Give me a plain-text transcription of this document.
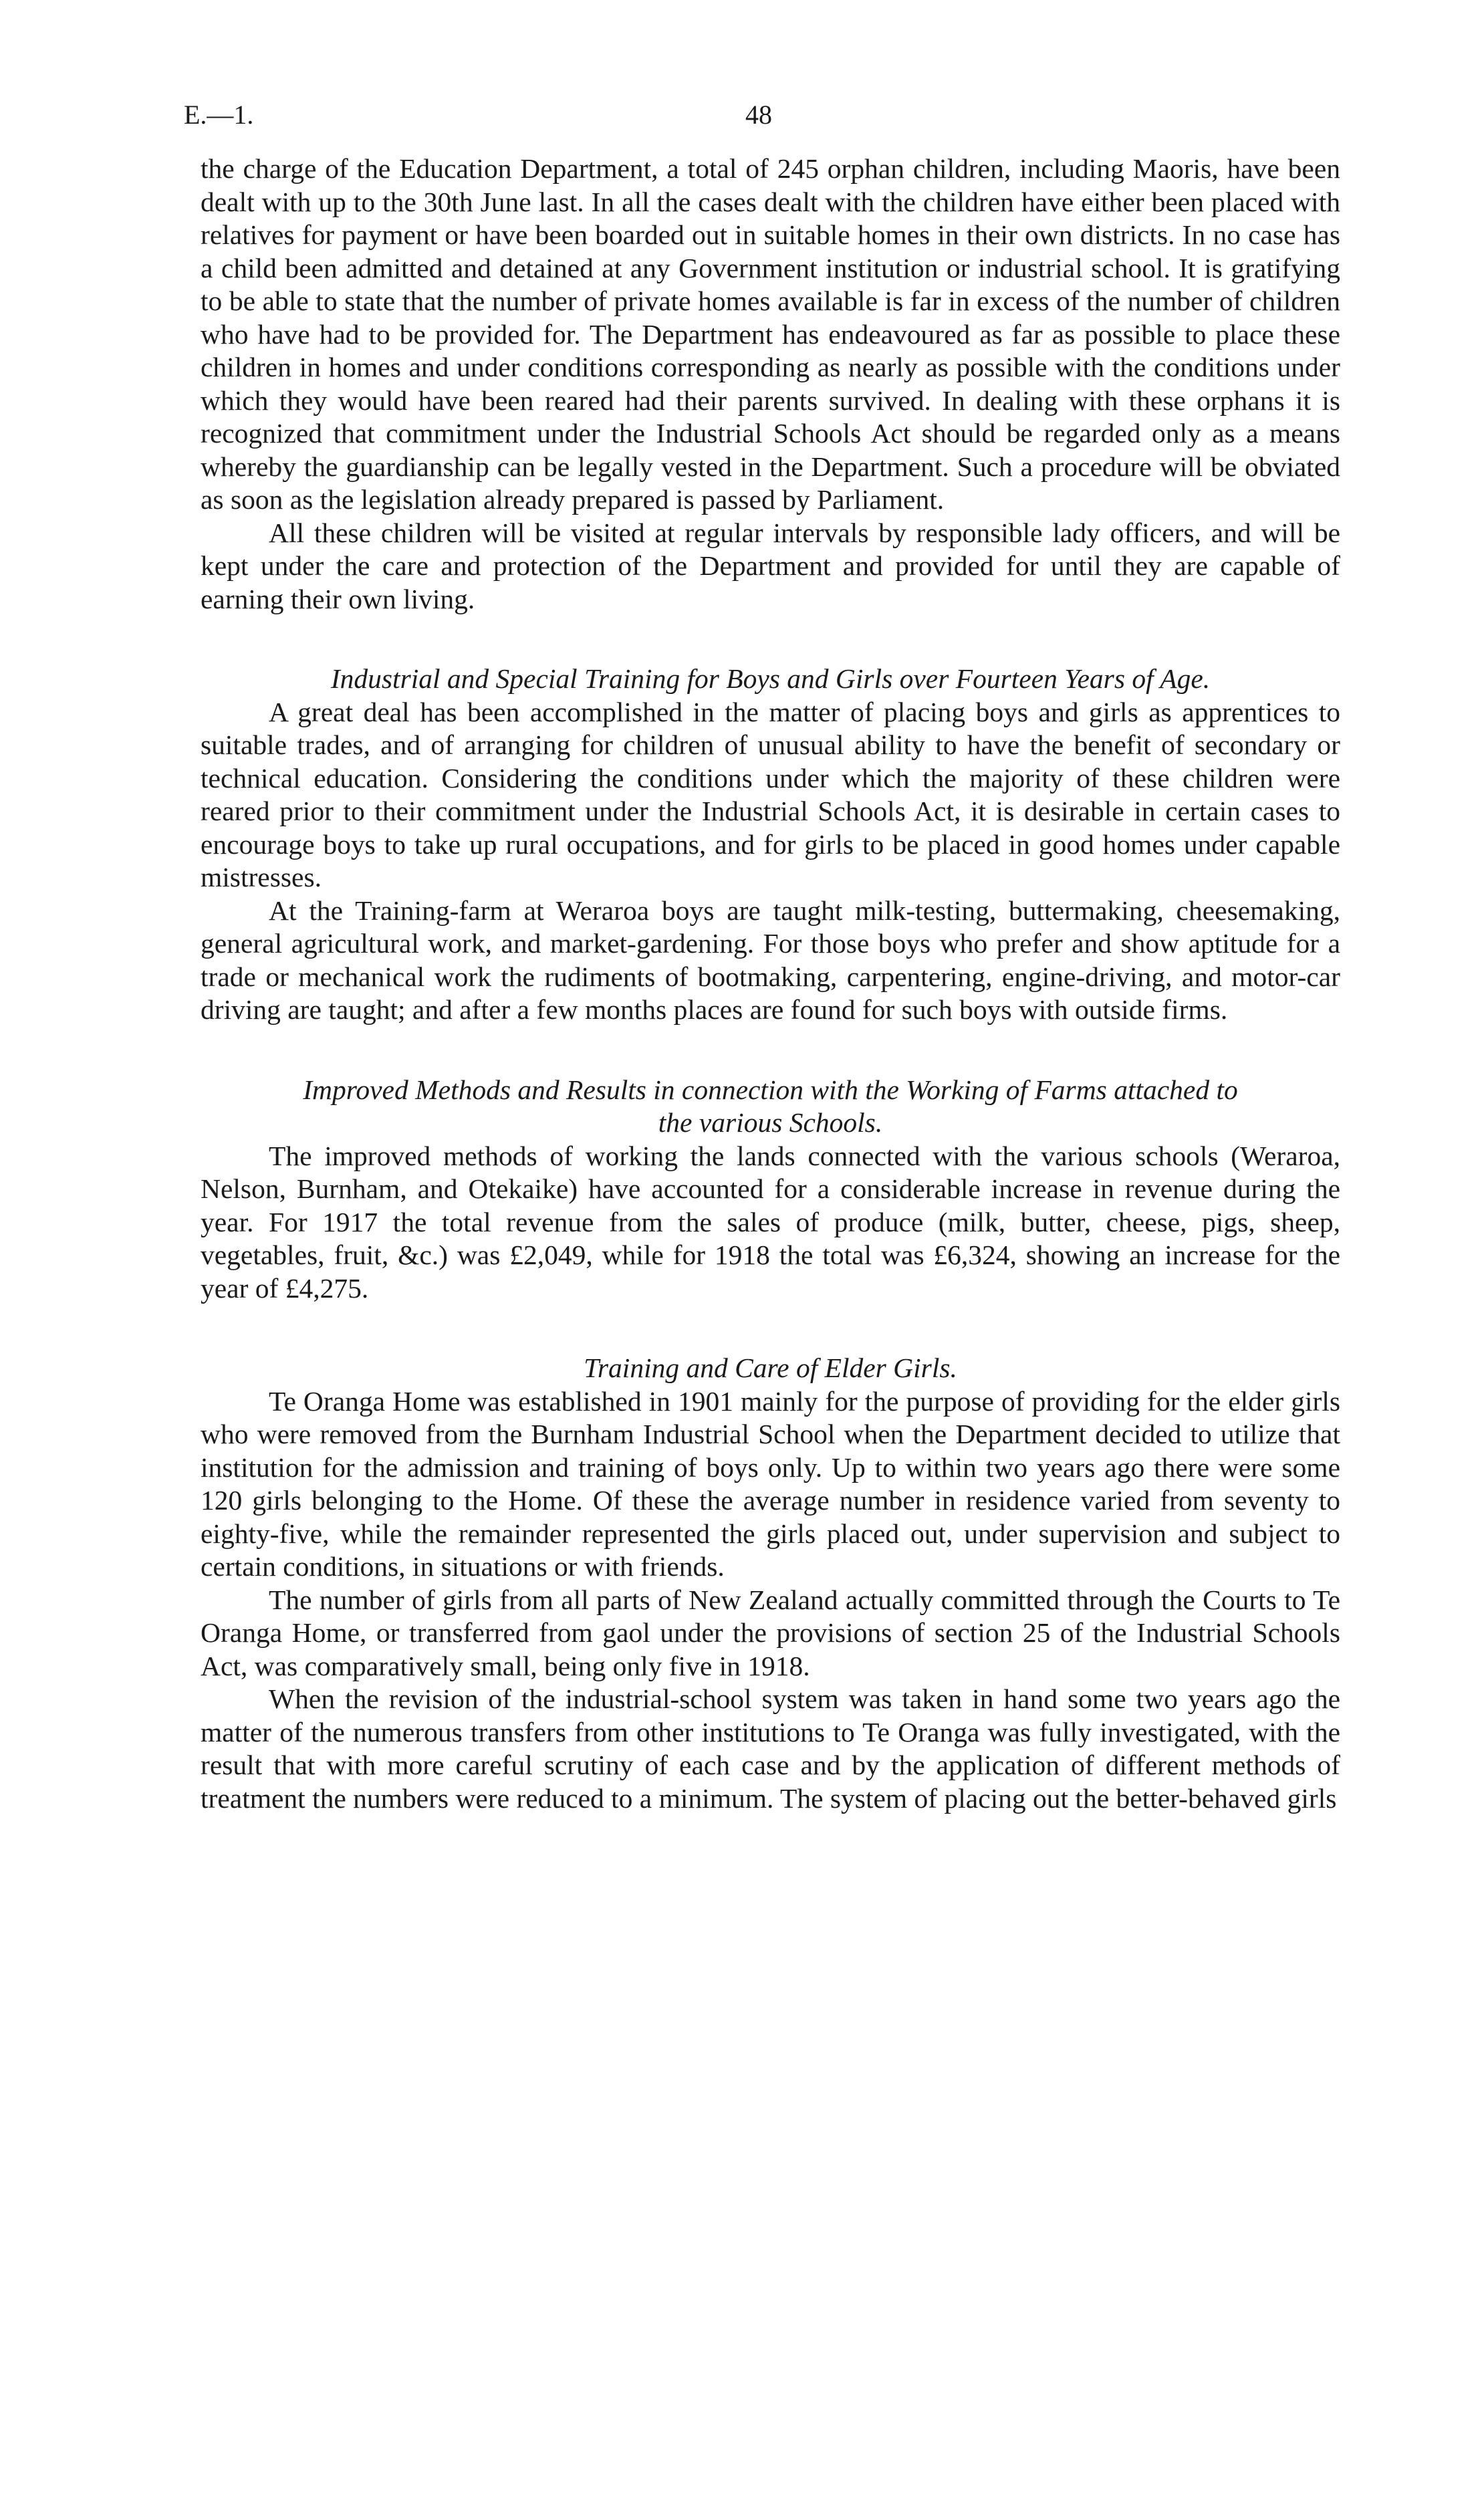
E.—1.	48

the charge of the Education Department, a total of 245 orphan children, including Maoris, have been dealt with up to the 30th June last. In all the cases dealt with the children have either been placed with relatives for payment or have been boarded out in suitable homes in their own districts. In no case has a child been admitted and detained at any Government institution or industrial school. It is gratifying to be able to state that the number of private homes available is far in excess of the number of children who have had to be provided for. The Department has endeavoured as far as possible to place these children in homes and under conditions corresponding as nearly as possible with the conditions under which they would have been reared had their parents survived. In dealing with these orphans it is recognized that commitment under the Industrial Schools Act should be regarded only as a means whereby the guardianship can be legally vested in the Department. Such a procedure will be obviated as soon as the legislation already prepared is passed by Parliament.

All these children will be visited at regular intervals by responsible lady officers, and will be kept under the care and protection of the Department and provided for until they are capable of earning their own living.

Industrial and Special Training for Boys and Girls over Fourteen Years of Age.

A great deal has been accomplished in the matter of placing boys and girls as apprentices to suitable trades, and of arranging for children of unusual ability to have the benefit of secondary or technical education. Considering the conditions under which the majority of these children were reared prior to their commitment under the Industrial Schools Act, it is desirable in certain cases to encourage boys to take up rural occupations, and for girls to be placed in good homes under capable mistresses.

At the Training-farm at Weraroa boys are taught milk-testing, buttermaking, cheesemaking, general agricultural work, and market-gardening. For those boys who prefer and show aptitude for a trade or mechanical work the rudiments of bootmaking, carpentering, engine-driving, and motor-car driving are taught; and after a few months places are found for such boys with outside firms.

Improved Methods and Results in connection with the Working of Farms attached to
the various Schools.

The improved methods of working the lands connected with the various schools (Weraroa, Nelson, Burnham, and Otekaike) have accounted for a considerable increase in revenue during the year. For 1917 the total revenue from the sales of produce (milk, butter, cheese, pigs, sheep, vegetables, fruit, &c.) was £2,049, while for 1918 the total was £6,324, showing an increase for the year of £4,275.

Training and Care of Elder Girls.

Te Oranga Home was established in 1901 mainly for the purpose of providing for the elder girls who were removed from the Burnham Industrial School when the Department decided to utilize that institution for the admission and training of boys only. Up to within two years ago there were some 120 girls belonging to the Home. Of these the average number in residence varied from seventy to eighty-five, while the remainder represented the girls placed out, under supervision and subject to certain conditions, in situations or with friends.

The number of girls from all parts of New Zealand actually committed through the Courts to Te Oranga Home, or transferred from gaol under the provisions of section 25 of the Industrial Schools Act, was comparatively small, being only five in 1918.

When the revision of the industrial-school system was taken in hand some two years ago the matter of the numerous transfers from other institutions to Te Oranga was fully investigated, with the result that with more careful scrutiny of each case and by the application of different methods of treatment the numbers were reduced to a minimum. The system of placing out the better-behaved girls
